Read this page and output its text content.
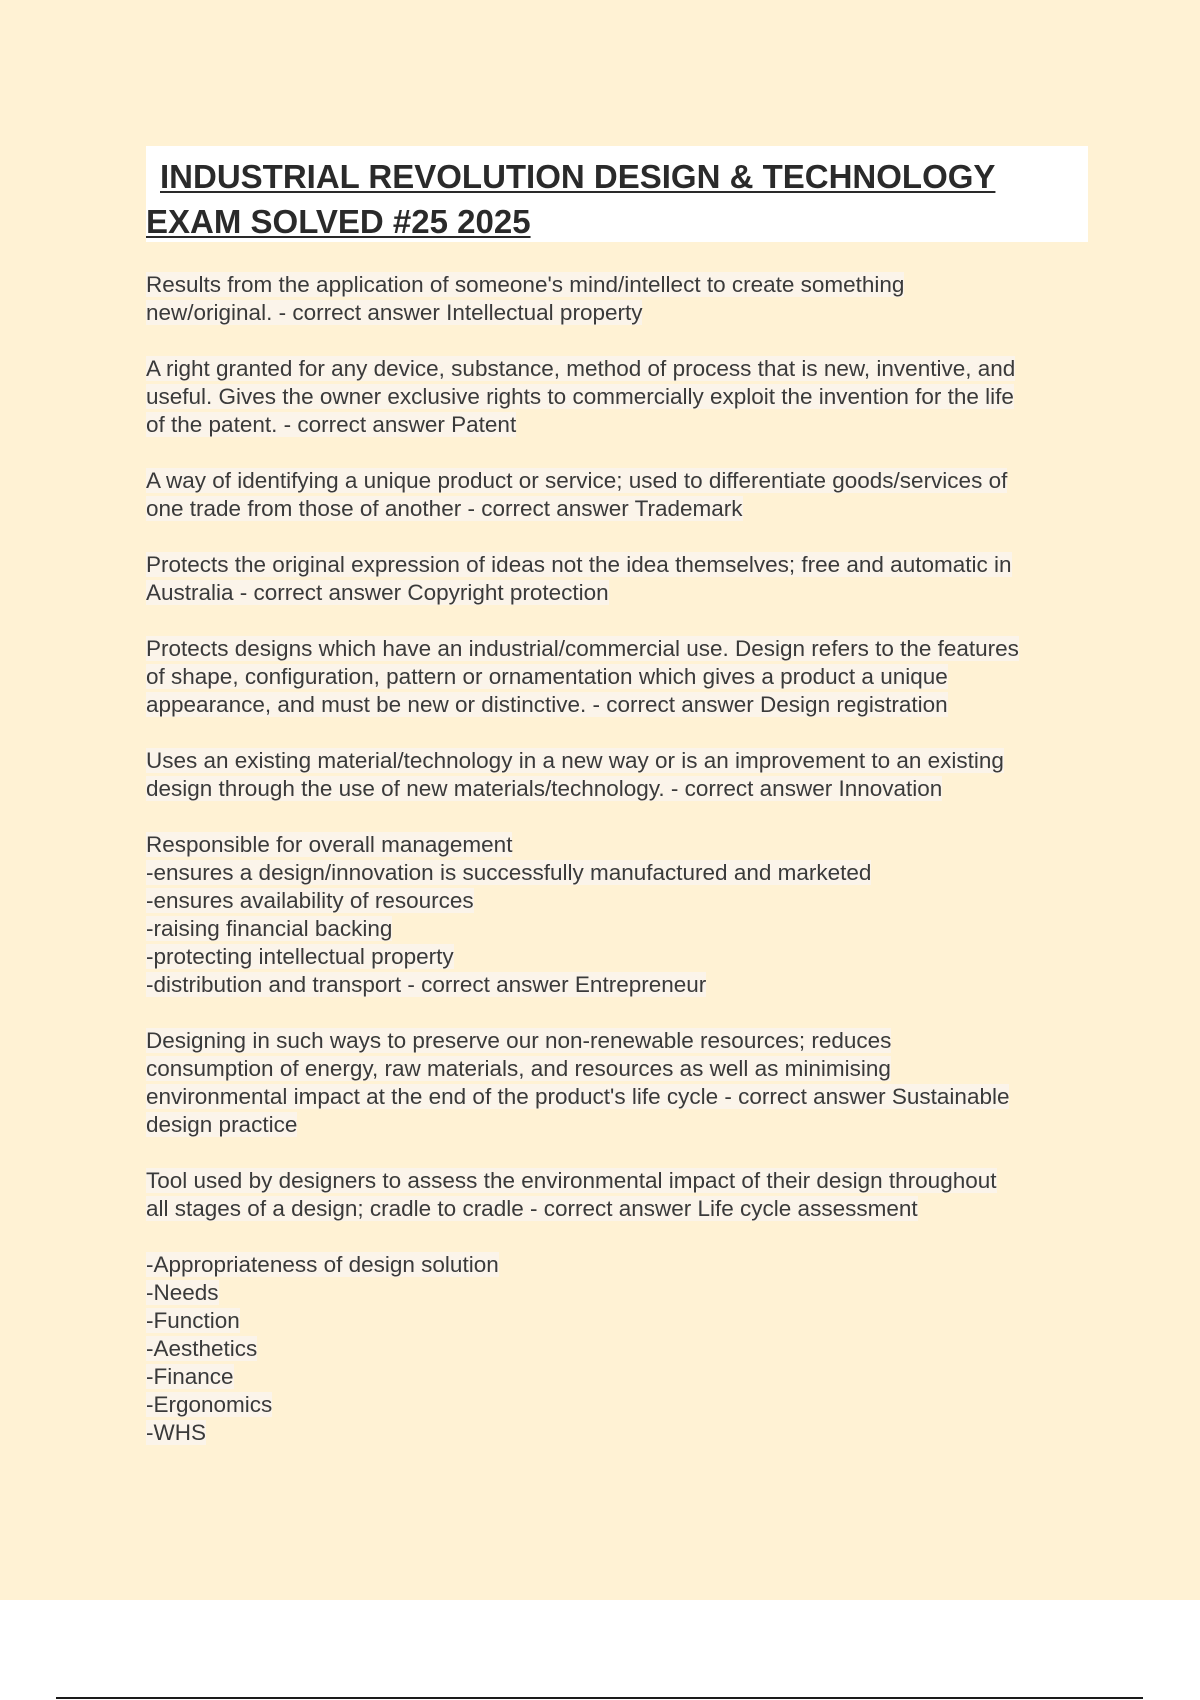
INDUSTRIAL REVOLUTION DESIGN & TECHNOLOGY
EXAM SOLVED #25 2025

Results from the application of someone's mind/intellect to create something
new/original. - correct answer Intellectual property

A right granted for any device, substance, method of process that is new, inventive, and
useful. Gives the owner exclusive rights to commercially exploit the invention for the life
of the patent. - correct answer Patent

A way of identifying a unique product or service; used to differentiate goods/services of
one trade from those of another - correct answer Trademark

Protects the original expression of ideas not the idea themselves; free and automatic in
Australia - correct answer Copyright protection

Protects designs which have an industrial/commercial use. Design refers to the features
of shape, configuration, pattern or ornamentation which gives a product a unique
appearance, and must be new or distinctive. - correct answer Design registration

Uses an existing material/technology in a new way or is an improvement to an existing
design through the use of new materials/technology. - correct answer Innovation

Responsible for overall management
-ensures a design/innovation is successfully manufactured and marketed
-ensures availability of resources
-raising financial backing
-protecting intellectual property
-distribution and transport - correct answer Entrepreneur

Designing in such ways to preserve our non-renewable resources; reduces
consumption of energy, raw materials, and resources as well as minimising
environmental impact at the end of the product's life cycle - correct answer Sustainable
design practice

Tool used by designers to assess the environmental impact of their design throughout
all stages of a design; cradle to cradle - correct answer Life cycle assessment

-Appropriateness of design solution
-Needs
-Function
-Aesthetics
-Finance
-Ergonomics
-WHS
